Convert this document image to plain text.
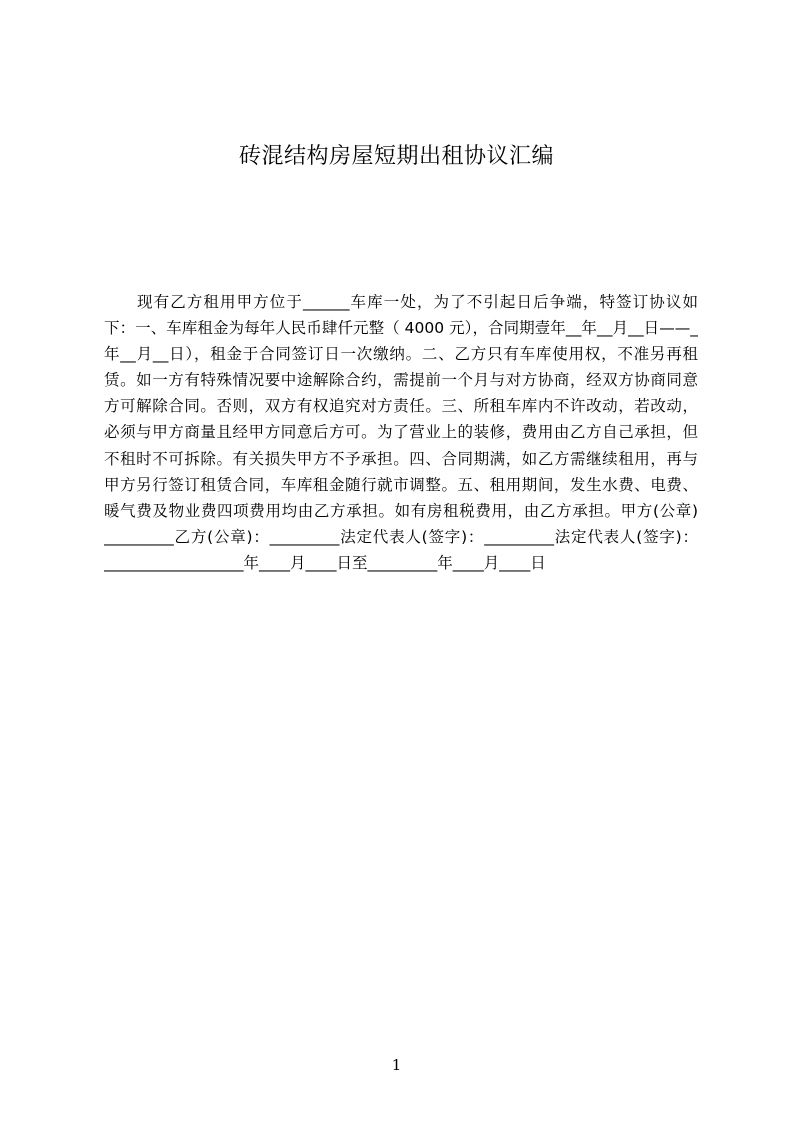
砖混结构房屋短期出租协议汇编
现有乙方租用甲方位于______车库一处，为了不引起日后争端，特签订协议如
下：一、车库租金为每年人民币肆仟元整（ 4000 元），合同期壹年__年__月__日——_
年__月__日），租金于合同签订日一次缴纳。二、乙方只有车库使用权，不准另再租
赁。如一方有特殊情况要中途解除合约，需提前一个月与对方协商，经双方协商同意
方可解除合同。否则，双方有权追究对方责任。三、所租车库内不许改动，若改动，
必须与甲方商量且经甲方同意后方可。为了营业上的装修，费用由乙方自己承担，但
不租时不可拆除。有关损失甲方不予承担。四、合同期满，如乙方需继续租用，再与
甲方另行签订租赁合同，车库租金随行就市调整。五、租用期间，发生水费、电费、
暖气费及物业费四项费用均由乙方承担。如有房租税费用，由乙方承担。甲方(公章)
_________乙方(公章)：_________法定代表人(签字)：_________法定代表人(签字)：
__________________年____月____日至_________年____月____日
1
